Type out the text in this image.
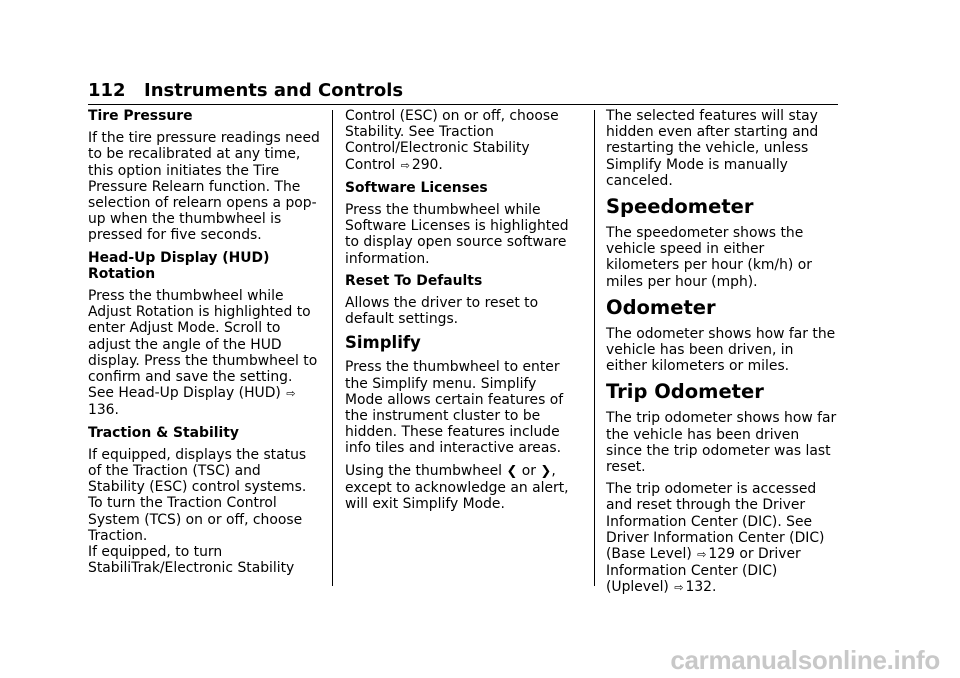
112 Instruments and Controls
Tire Pressure

If the tire pressure readings need to be recalibrated at any time, this option initiates the Tire Pressure Relearn function. The selection of relearn opens a pop-up when the thumbwheel is pressed for five seconds.

Head-Up Display (HUD) Rotation

Press the thumbwheel while Adjust Rotation is highlighted to enter Adjust Mode. Scroll to adjust the angle of the HUD display. Press the thumbwheel to confirm and save the setting. See Head-Up Display (HUD) ⇨136.

Traction & Stability

If equipped, displays the status of the Traction (TSC) and Stability (ESC) control systems. To turn the Traction Control System (TCS) on or off, choose Traction.

If equipped, to turn StabiliTrak/Electronic Stability

Control (ESC) on or off, choose Stability. See Traction Control/Electronic Stability Control ⇨ 290.

Software Licenses

Press the thumbwheel while Software Licenses is highlighted to display open source software information.

Reset To Defaults

Allows the driver to reset to default settings.

Simplify

Press the thumbwheel to enter the Simplify menu. Simplify Mode allows certain features of the instrument cluster to be hidden. These features include info tiles and interactive areas.

Using the thumbwheel ❮ or ❯, except to acknowledge an alert, will exit Simplify Mode.

The selected features will stay hidden even after starting and restarting the vehicle, unless Simplify Mode is manually canceled.

Speedometer

The speedometer shows the vehicle speed in either kilometers per hour (km/h) or miles per hour (mph).

Odometer

The odometer shows how far the vehicle has been driven, in either kilometers or miles.

Trip Odometer

The trip odometer shows how far the vehicle has been driven since the trip odometer was last reset.

The trip odometer is accessed and reset through the Driver Information Center (DIC). See Driver Information Center (DIC) (Base Level) ⇨ 129 or Driver Information Center (DIC) (Uplevel) ⇨ 132.

carmanualsonline.info
